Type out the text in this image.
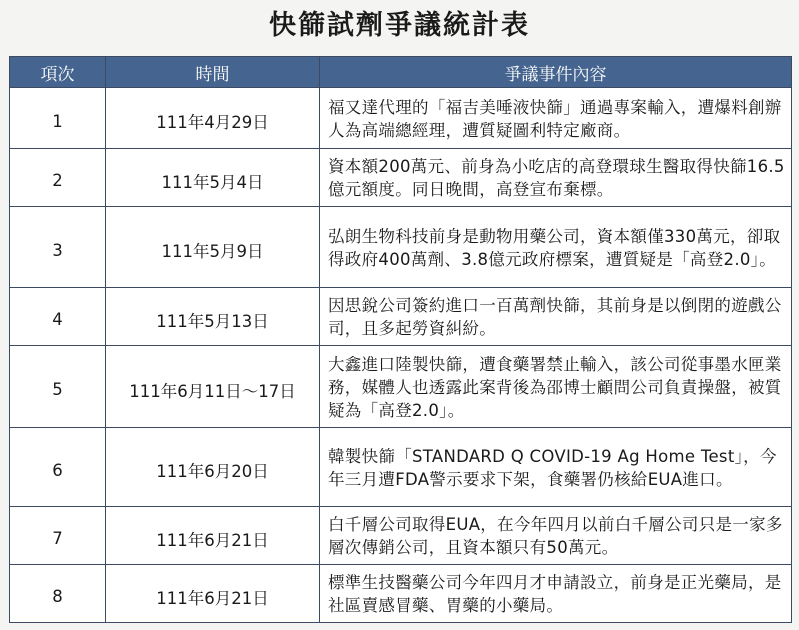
快篩試劑爭議統計表
項次	時間	爭議事件內容
1	111年4月29日	福又達代理的「福吉美唾液快篩」通過專案輸入，遭爆料創辦人為高端總經理，遭質疑圖利特定廠商。
2	111年5月4日	資本額200萬元、前身為小吃店的高登環球生醫取得快篩16.5億元額度。同日晚間，高登宣布棄標。
3	111年5月9日	弘朗生物科技前身是動物用藥公司，資本額僅330萬元，卻取得政府400萬劑、3.8億元政府標案，遭質疑是「高登2.0」。
4	111年5月13日	因思銳公司簽約進口一百萬劑快篩，其前身是以倒閉的遊戲公司，且多起勞資糾紛。
5	111年6月11日～17日	大鑫進口陸製快篩，遭食藥署禁止輸入，該公司從事墨水匣業務，媒體人也透露此案背後為邵博士顧問公司負責操盤，被質疑為「高登2.0」。
6	111年6月20日	韓製快篩「STANDARD Q COVID-19 Ag Home Test」，今年三月遭FDA警示要求下架，食藥署仍核給EUA進口。
7	111年6月21日	白千層公司取得EUA，在今年四月以前白千層公司只是一家多層次傳銷公司，且資本額只有50萬元。
8	111年6月21日	標準生技醫藥公司今年四月才申請設立，前身是正光藥局，是社區賣感冒藥、胃藥的小藥局。
